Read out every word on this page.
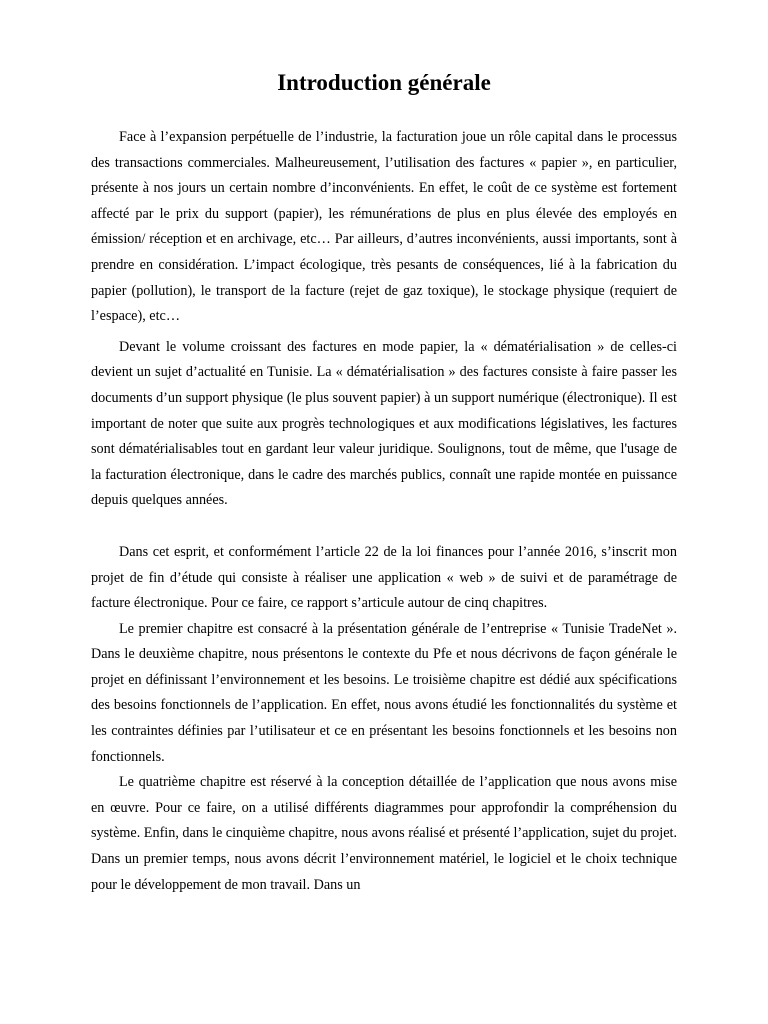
Introduction générale

Face à l’expansion perpétuelle de l’industrie, la facturation joue un rôle capital dans le processus des transactions commerciales. Malheureusement, l’utilisation des factures « papier », en particulier, présente à nos jours un certain nombre d’inconvénients. En effet, le coût de ce système est fortement affecté par le prix du support (papier), les rémunérations de plus en plus élevée des employés en émission/ réception et en archivage, etc… Par ailleurs, d’autres inconvénients, aussi importants, sont à prendre en considération. L’impact écologique, très pesants de conséquences, lié à la fabrication du papier (pollution), le transport de la facture (rejet de gaz toxique), le stockage physique (requiert de l’espace), etc…

Devant le volume croissant des factures en mode papier, la « dématérialisation » de celles-ci devient un sujet d’actualité en Tunisie. La « dématérialisation » des factures consiste à faire passer les documents d’un support physique (le plus souvent papier) à un support numérique (électronique). Il est important de noter que suite aux progrès technologiques et aux modifications législatives, les factures sont dématérialisables tout en gardant leur valeur juridique. Soulignons, tout de même, que l'usage de la facturation électronique, dans le cadre des marchés publics, connaît une rapide montée en puissance depuis quelques années.

Dans cet esprit, et conformément l’article 22 de la loi finances pour l’année 2016, s’inscrit mon projet de fin d’étude qui consiste à réaliser une application « web » de suivi et de paramétrage de facture électronique. Pour ce faire, ce rapport s’articule autour de cinq chapitres.

Le premier chapitre est consacré à la présentation générale de l’entreprise « Tunisie TradeNet ». Dans le deuxième chapitre, nous présentons le contexte du Pfe et nous décrivons de façon générale le projet en définissant l’environnement et les besoins. Le troisième chapitre est dédié aux spécifications des besoins fonctionnels de l’application. En effet, nous avons étudié les fonctionnalités du système et les contraintes définies par l’utilisateur et ce en présentant les besoins fonctionnels et les besoins non fonctionnels.

Le quatrième chapitre est réservé à la conception détaillée de l’application que nous avons mise en œuvre. Pour ce faire, on a utilisé différents diagrammes pour approfondir la compréhension du système. Enfin, dans le cinquième chapitre, nous avons réalisé et présenté l’application, sujet du projet. Dans un premier temps, nous avons décrit l’environnement matériel, le logiciel et le choix technique pour le développement de mon travail. Dans un
